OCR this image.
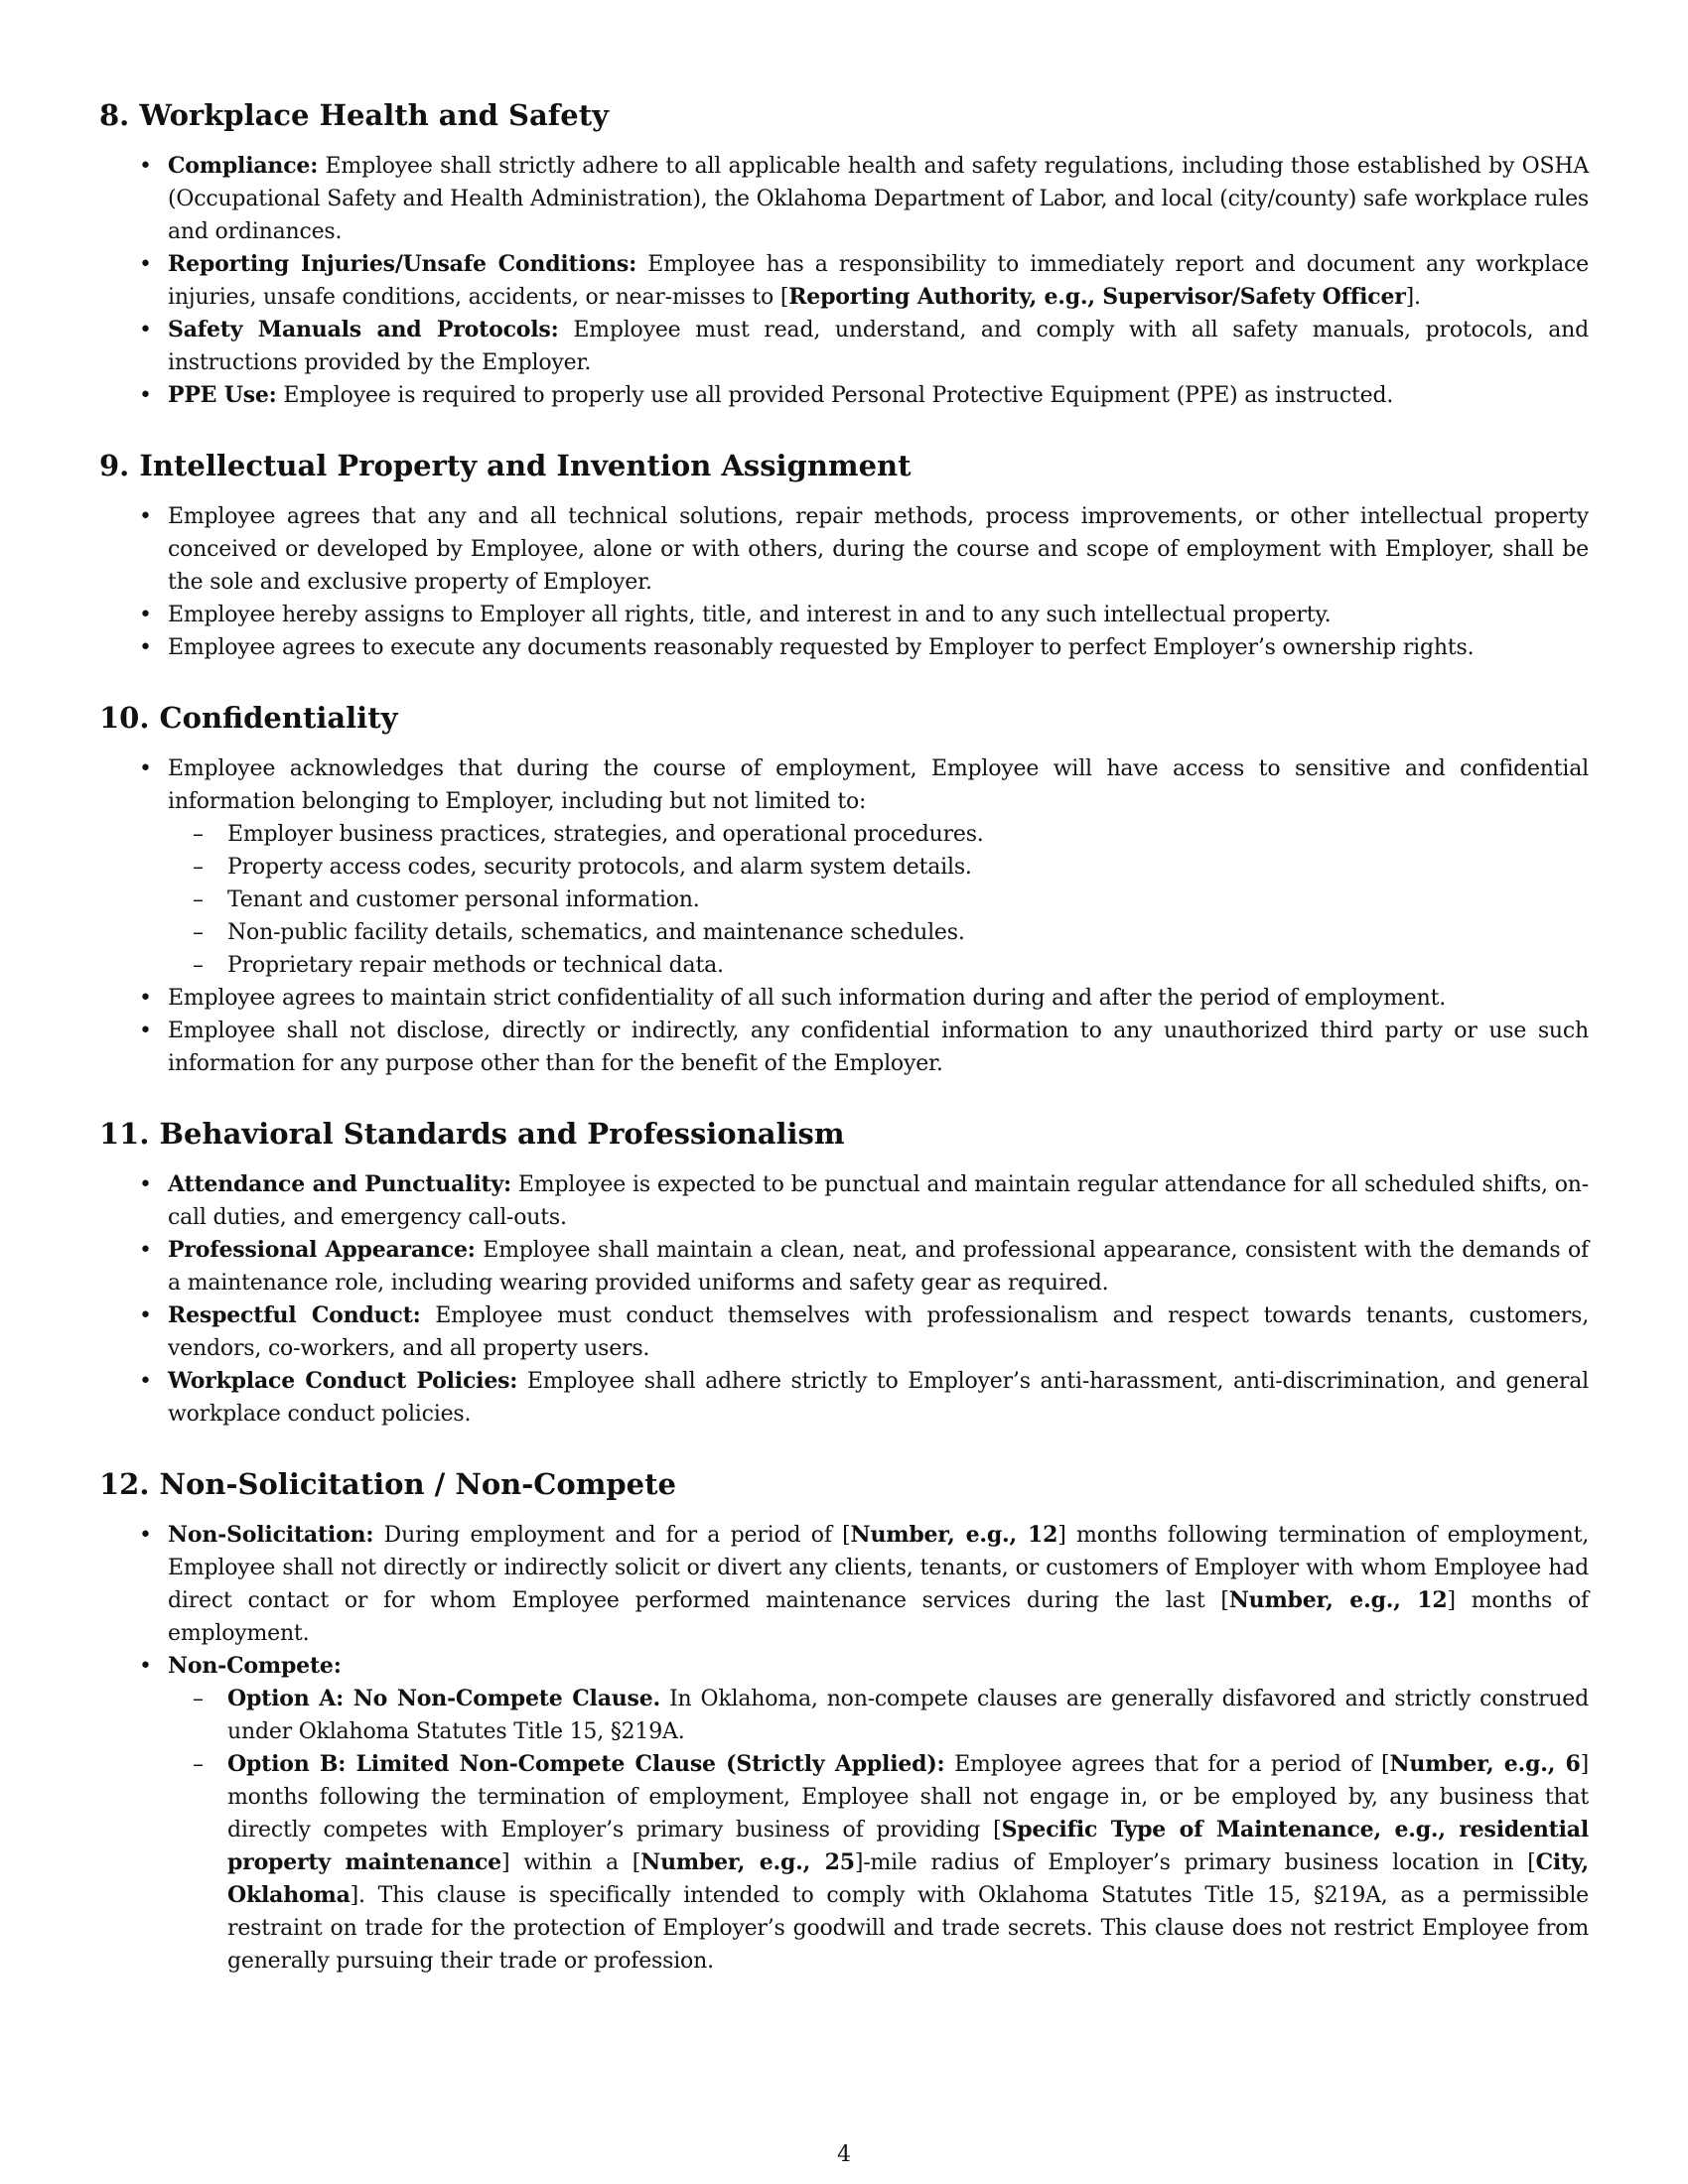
8. Workplace Health and Safety
• Compliance: Employee shall strictly adhere to all applicable health and safety regulations, including those established by OSHA (Occupational Safety and Health Administration), the Oklahoma Department of Labor, and local (city/county) safe workplace rules and ordinances.
• Reporting Injuries/Unsafe Conditions: Employee has a responsibility to immediately report and document any workplace injuries, unsafe conditions, accidents, or near-misses to [Reporting Authority, e.g., Supervisor/Safety Officer].
• Safety Manuals and Protocols: Employee must read, understand, and comply with all safety manuals, protocols, and instructions provided by the Employer.
• PPE Use: Employee is required to properly use all provided Personal Protective Equipment (PPE) as instructed.
9. Intellectual Property and Invention Assignment
• Employee agrees that any and all technical solutions, repair methods, process improvements, or other intellectual property conceived or developed by Employee, alone or with others, during the course and scope of employment with Employer, shall be the sole and exclusive property of Employer.
• Employee hereby assigns to Employer all rights, title, and interest in and to any such intellectual property.
• Employee agrees to execute any documents reasonably requested by Employer to perfect Employer’s ownership rights.
10. Confidentiality
• Employee acknowledges that during the course of employment, Employee will have access to sensitive and confidential information belonging to Employer, including but not limited to:
– Employer business practices, strategies, and operational procedures.
– Property access codes, security protocols, and alarm system details.
– Tenant and customer personal information.
– Non-public facility details, schematics, and maintenance schedules.
– Proprietary repair methods or technical data.
• Employee agrees to maintain strict confidentiality of all such information during and after the period of employment.
• Employee shall not disclose, directly or indirectly, any confidential information to any unauthorized third party or use such information for any purpose other than for the benefit of the Employer.
11. Behavioral Standards and Professionalism
• Attendance and Punctuality: Employee is expected to be punctual and maintain regular attendance for all scheduled shifts, on-call duties, and emergency call-outs.
• Professional Appearance: Employee shall maintain a clean, neat, and professional appearance, consistent with the demands of a maintenance role, including wearing provided uniforms and safety gear as required.
• Respectful Conduct: Employee must conduct themselves with professionalism and respect towards tenants, customers, vendors, co-workers, and all property users.
• Workplace Conduct Policies: Employee shall adhere strictly to Employer’s anti-harassment, anti-discrimination, and general workplace conduct policies.
12. Non-Solicitation / Non-Compete
• Non-Solicitation: During employment and for a period of [Number, e.g., 12] months following termination of employment, Employee shall not directly or indirectly solicit or divert any clients, tenants, or customers of Employer with whom Employee had direct contact or for whom Employee performed maintenance services during the last [Number, e.g., 12] months of employment.
• Non-Compete:
– Option A: No Non-Compete Clause. In Oklahoma, non-compete clauses are generally disfavored and strictly construed under Oklahoma Statutes Title 15, §219A.
– Option B: Limited Non-Compete Clause (Strictly Applied): Employee agrees that for a period of [Number, e.g., 6] months following the termination of employment, Employee shall not engage in, or be employed by, any business that directly competes with Employer’s primary business of providing [Specific Type of Maintenance, e.g., residential property maintenance] within a [Number, e.g., 25]-mile radius of Employer’s primary business location in [City, Oklahoma]. This clause is specifically intended to comply with Oklahoma Statutes Title 15, §219A, as a permissible restraint on trade for the protection of Employer’s goodwill and trade secrets. This clause does not restrict Employee from generally pursuing their trade or profession.
4
